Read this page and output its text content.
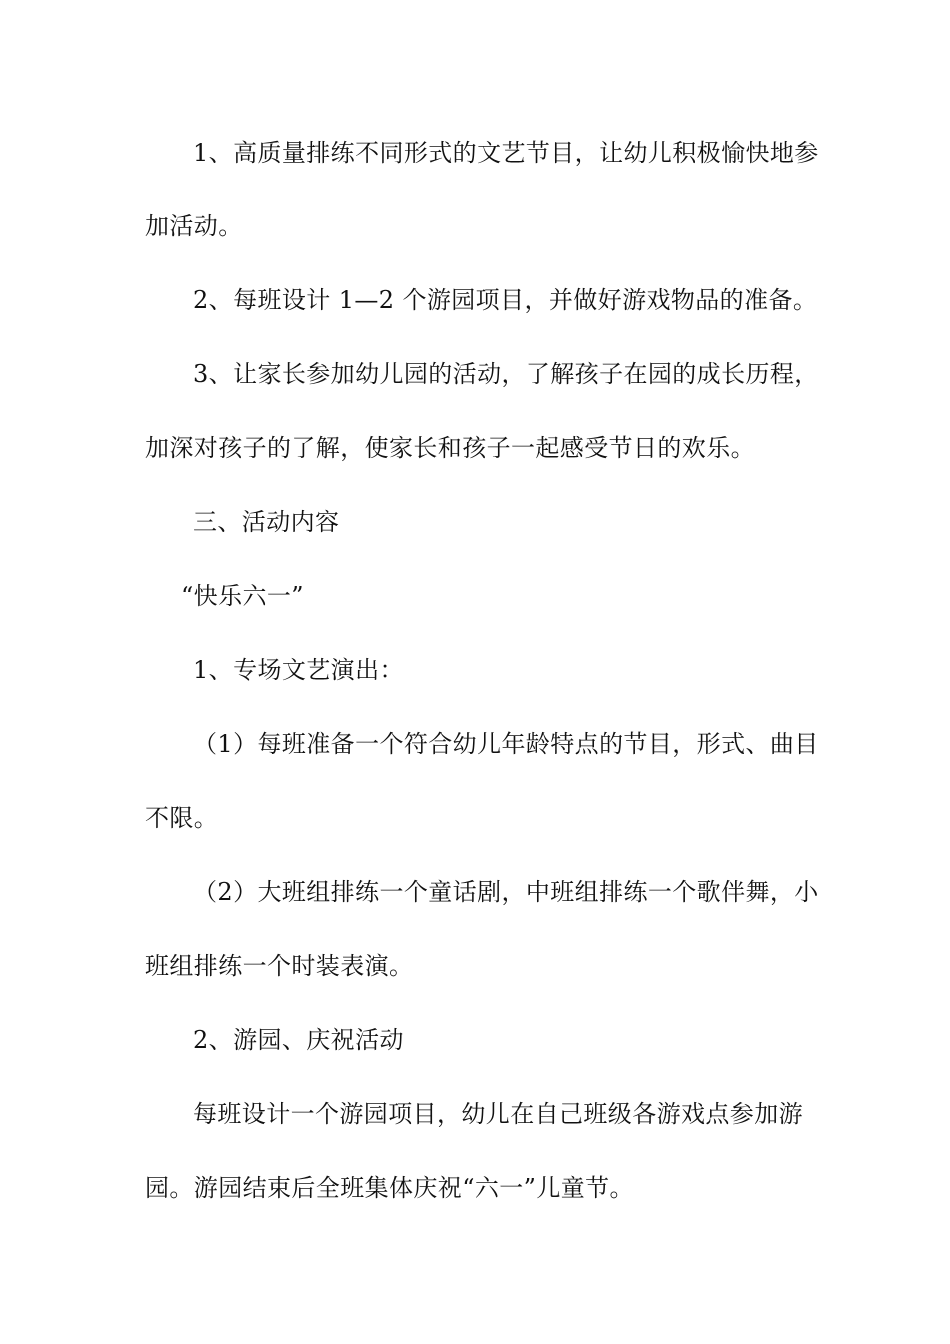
1、高质量排练不同形式的文艺节目，让幼儿积极愉快地参
加活动。
2、每班设计 1—2 个游园项目，并做好游戏物品的准备。
3、让家长参加幼儿园的活动，了解孩子在园的成长历程，
加深对孩子的了解，使家长和孩子一起感受节日的欢乐。
三、活动内容
“快乐六一”
1、专场文艺演出：
（1）每班准备一个符合幼儿年龄特点的节目，形式、曲目
不限。
（2）大班组排练一个童话剧，中班组排练一个歌伴舞，小
班组排练一个时装表演。
2、游园、庆祝活动
每班设计一个游园项目，幼儿在自己班级各游戏点参加游
园。游园结束后全班集体庆祝“六一”儿童节。
